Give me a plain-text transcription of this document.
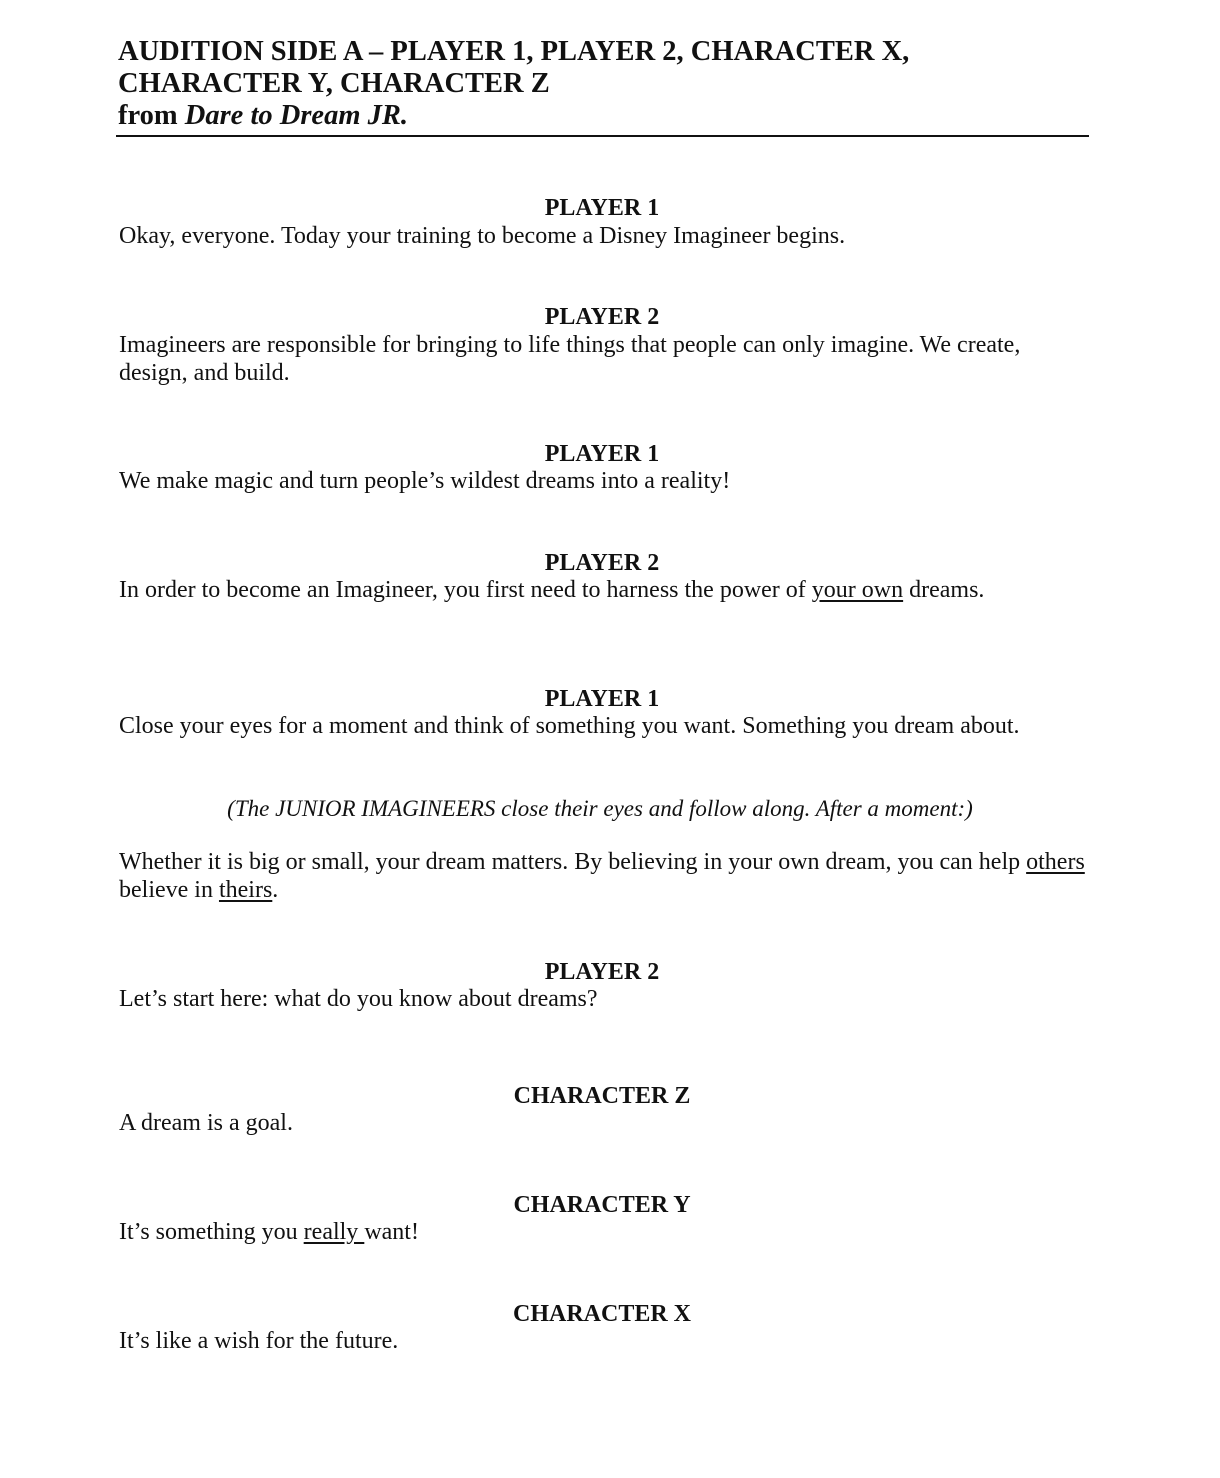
AUDITION SIDE A – PLAYER 1, PLAYER 2, CHARACTER X,
CHARACTER Y, CHARACTER Z
from Dare to Dream JR.
PLAYER 1
Okay, everyone. Today your training to become a Disney Imagineer begins.
PLAYER 2
Imagineers are responsible for bringing to life things that people can only imagine. We create, design, and build.
PLAYER 1
We make magic and turn people’s wildest dreams into a reality!
PLAYER 2
In order to become an Imagineer, you first need to harness the power of your own dreams.
PLAYER 1
Close your eyes for a moment and think of something you want. Something you dream about.
(The JUNIOR IMAGINEERS close their eyes and follow along. After a moment:)
Whether it is big or small, your dream matters. By believing in your own dream, you can help others believe in theirs.
PLAYER 2
Let’s start here: what do you know about dreams?
CHARACTER Z
A dream is a goal.
CHARACTER Y
It’s something you really want!
CHARACTER X
It’s like a wish for the future.
